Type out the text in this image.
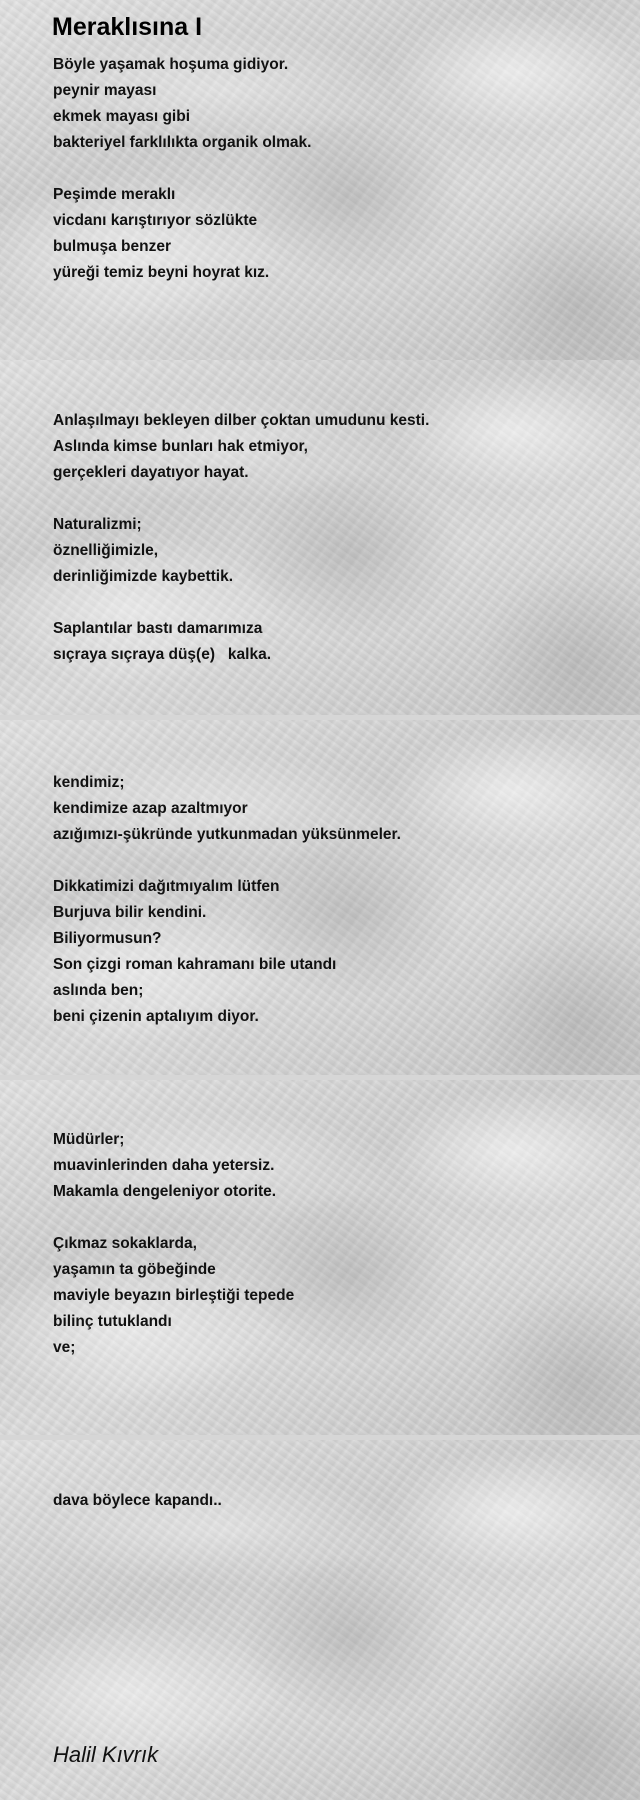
Meraklısına I
Böyle yaşamak hoşuma gidiyor.
peynir mayası
ekmek mayası gibi
bakteriyel farklılıkta organik olmak.
Peşimde meraklı
vicdanı karıştırıyor sözlükte
bulmuşa benzer
yüreği temiz beyni hoyrat kız.
Anlaşılmayı bekleyen dilber çoktan umudunu kesti.
Aslında kimse bunları hak etmiyor,
gerçekleri dayatıyor hayat.
Naturalizmi;
öznelliğimizle,
derinliğimizde kaybettik.
Saplantılar bastı damarımıza
sıçraya sıçraya düş(e)   kalka.
kendimiz;
kendimize azap azaltmıyor
azığımızı-şükründe yutkunmadan yüksünmeler.
Dikkatimizi dağıtmıyalım lütfen
Burjuva bilir kendini.
Biliyormusun?
Son çizgi roman kahramanı bile utandı
aslında ben;
beni çizenin aptalıyım diyor.
Müdürler;
muavinlerinden daha yetersiz.
Makamla dengeleniyor otorite.
Çıkmaz sokaklarda,
yaşamın ta göbeğinde
maviyle beyazın birleştiği tepede
bilinç tutuklandı
ve;
dava böylece kapandı..
Halil Kıvrık
